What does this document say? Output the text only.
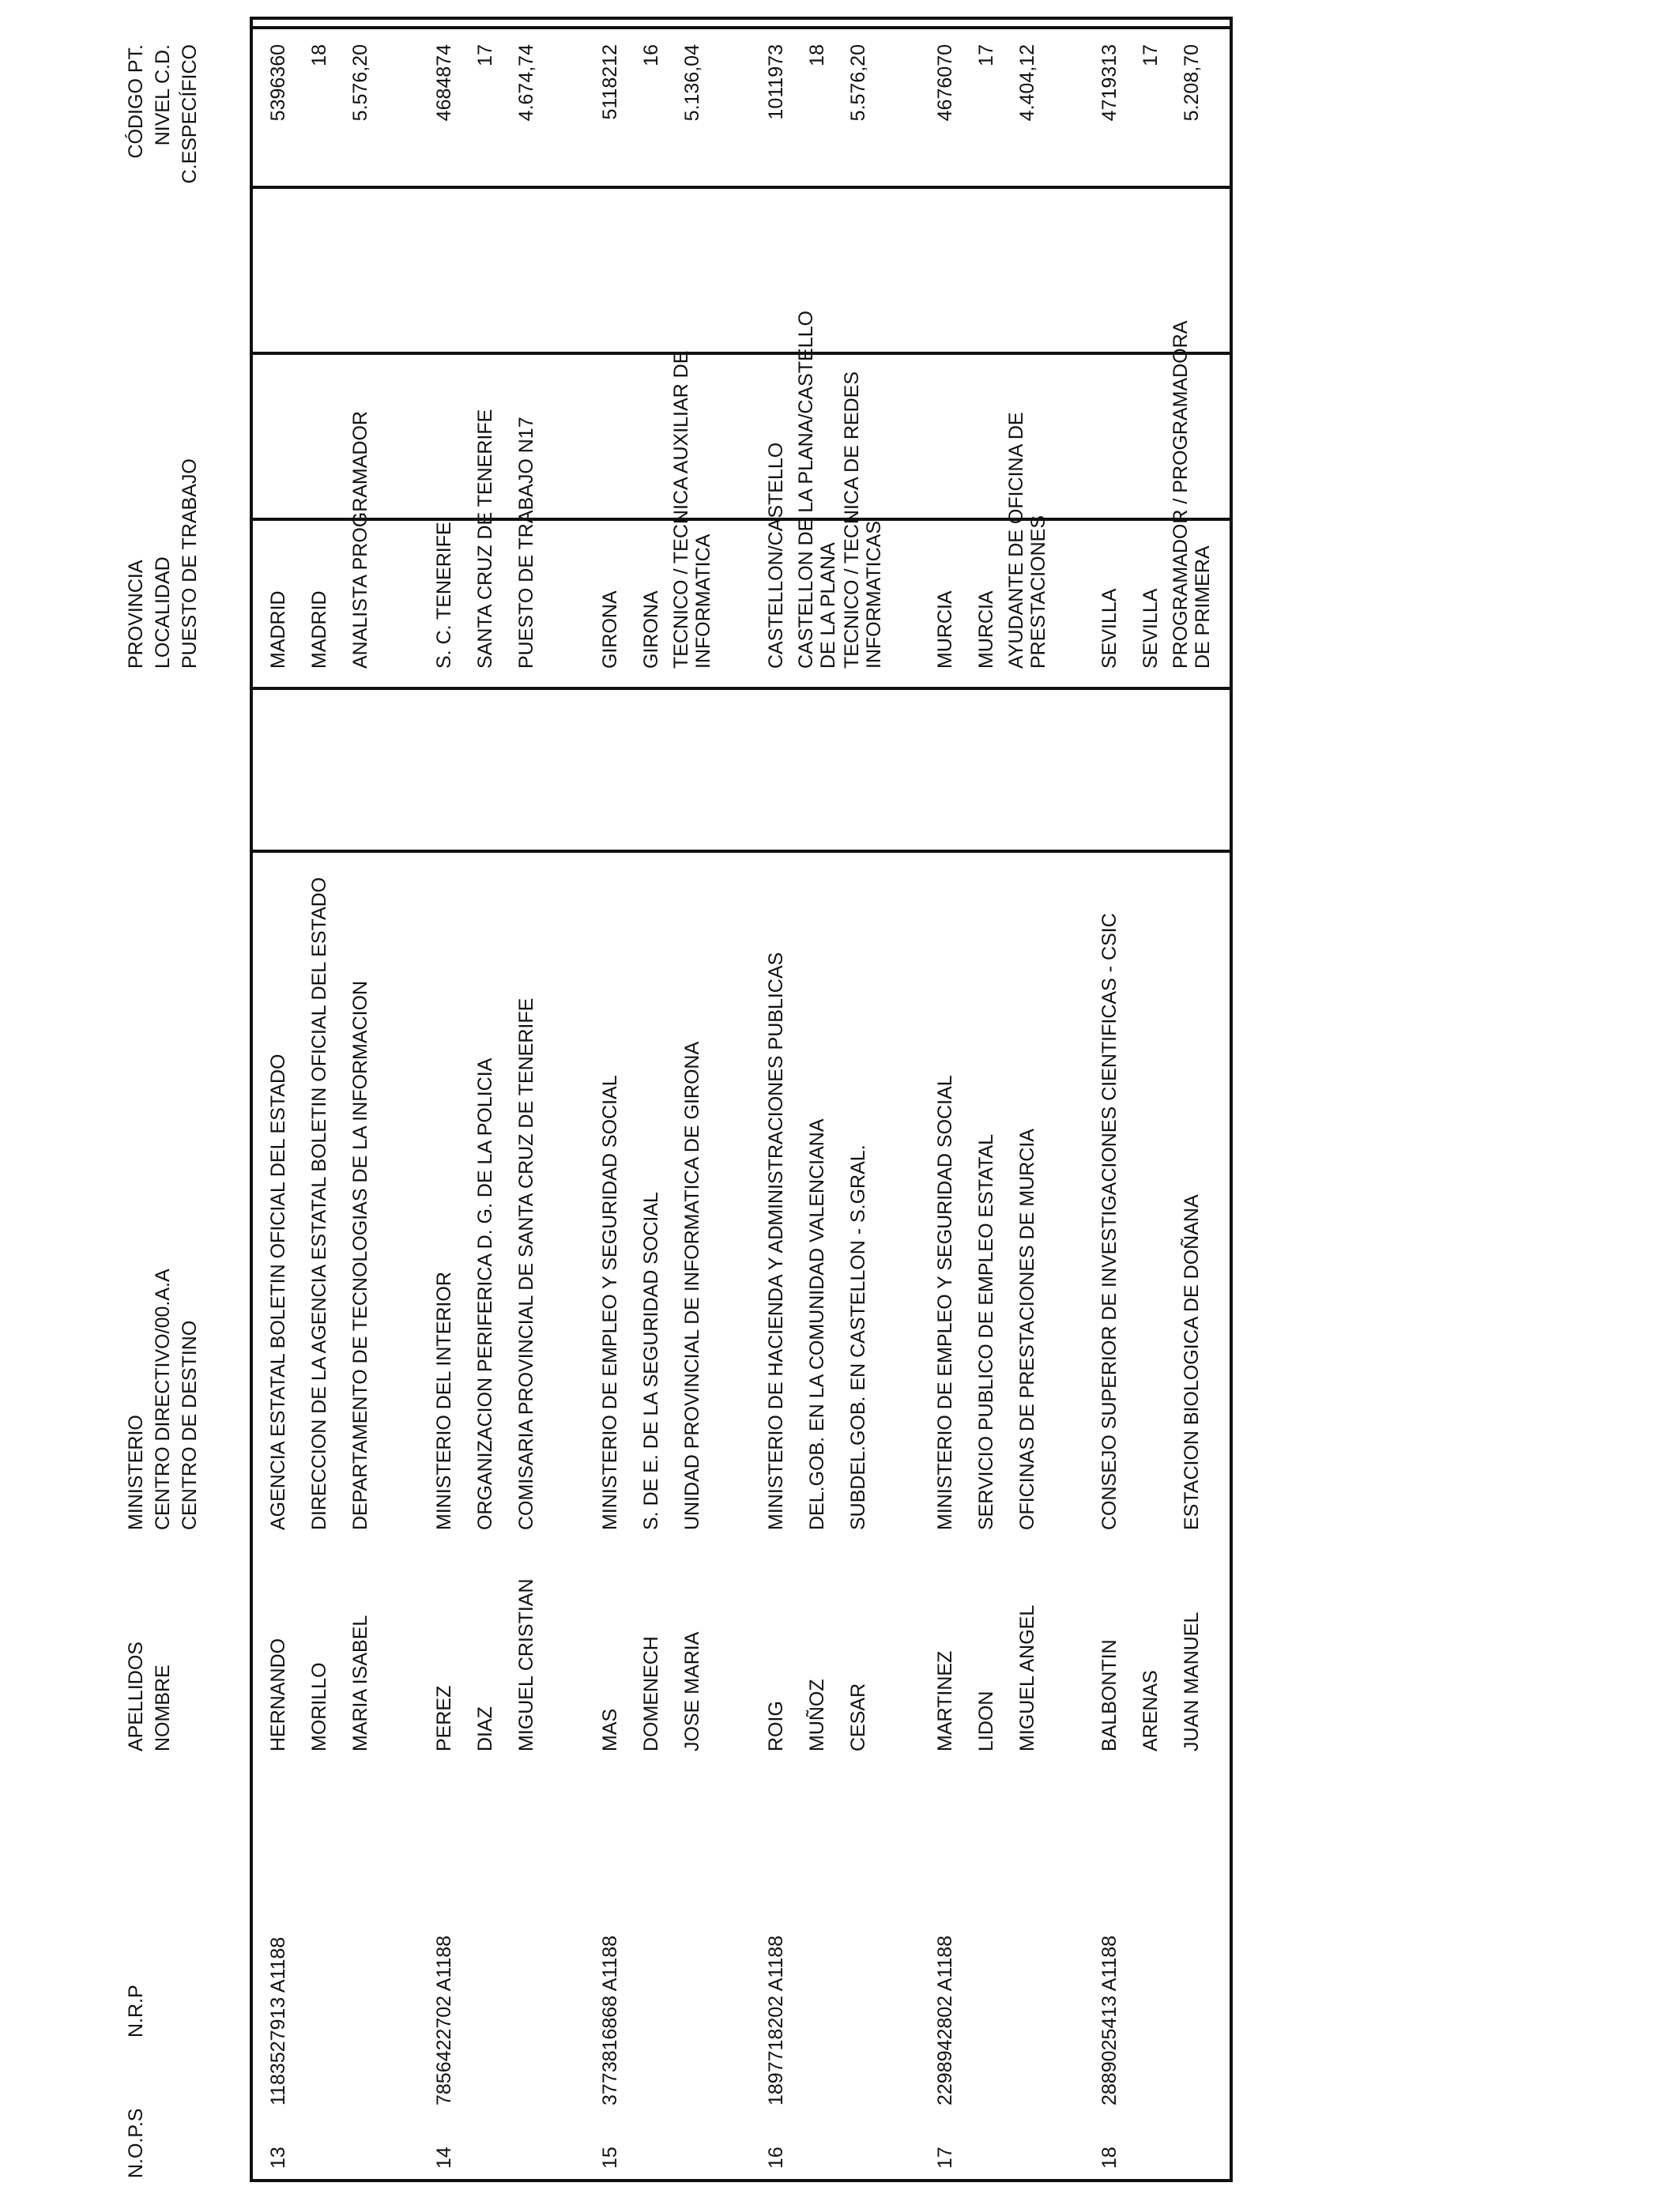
N.O.P.S
N.R.P
APELLIDOS NOMBRE
MINISTERIO CENTRO DIRECTIVO/00.A.A CENTRO DE DESTINO
PROVINCIA LOCALIDAD PUESTO DE TRABAJO
CÓDIGO PT. NIVEL C.D. C.ESPECÍFICO
13
1183527913 A1188
HERNANDO MORILLO MARIA ISABEL
AGENCIA ESTATAL BOLETIN OFICIAL DEL ESTADO DIRECCION DE LA AGENCIA ESTATAL BOLETIN OFICIAL DEL ESTADO DEPARTAMENTO DE TECNOLOGIAS DE LA INFORMACION
MADRID MADRID ANALISTA PROGRAMADOR
5396360 18 5.576,20
14
7856422702 A1188
PEREZ DIAZ MIGUEL CRISTIAN
MINISTERIO DEL INTERIOR ORGANIZACION PERIFERICA D. G. DE LA POLICIA COMISARIA PROVINCIAL DE SANTA CRUZ DE TENERIFE
S. C. TENERIFE SANTA CRUZ DE TENERIFE PUESTO DE TRABAJO N17
4684874 17 4.674,74
15
3773816868 A1188
MAS DOMENECH JOSE MARIA
MINISTERIO DE EMPLEO Y SEGURIDAD SOCIAL S. DE E. DE LA SEGURIDAD SOCIAL UNIDAD PROVINCIAL DE INFORMATICA DE GIRONA
GIRONA GIRONA TECNICO / TECNICA AUXILIAR DE INFORMATICA
5118212 16 5.136,04
16
1897718202 A1188
ROIG MUÑOZ CESAR
MINISTERIO DE HACIENDA Y ADMINISTRACIONES PUBLICAS DEL.GOB. EN LA COMUNIDAD VALENCIANA SUBDEL.GOB. EN CASTELLON - S.GRAL.
CASTELLON/CASTELLO CASTELLON DE LA PLANA/CASTELLO DE LA PLANA TECNICO / TECNICA DE REDES INFORMATICAS
1011973 18 5.576,20
17
2298942802 A1188
MARTINEZ LIDON MIGUEL ANGEL
MINISTERIO DE EMPLEO Y SEGURIDAD SOCIAL SERVICIO PUBLICO DE EMPLEO ESTATAL OFICINAS DE PRESTACIONES DE MURCIA
MURCIA MURCIA AYUDANTE DE OFICINA DE PRESTACIONES
4676070 17 4.404,12
18
2889025413 A1188
BALBONTIN ARENAS JUAN MANUEL
CONSEJO SUPERIOR DE INVESTIGACIONES CIENTIFICAS - CSIC	ESTACION BIOLOGICA DE DOÑANA
SEVILLA SEVILLA PROGRAMADOR / PROGRAMADORA DE PRIMERA
4719313 17 5.208,70
